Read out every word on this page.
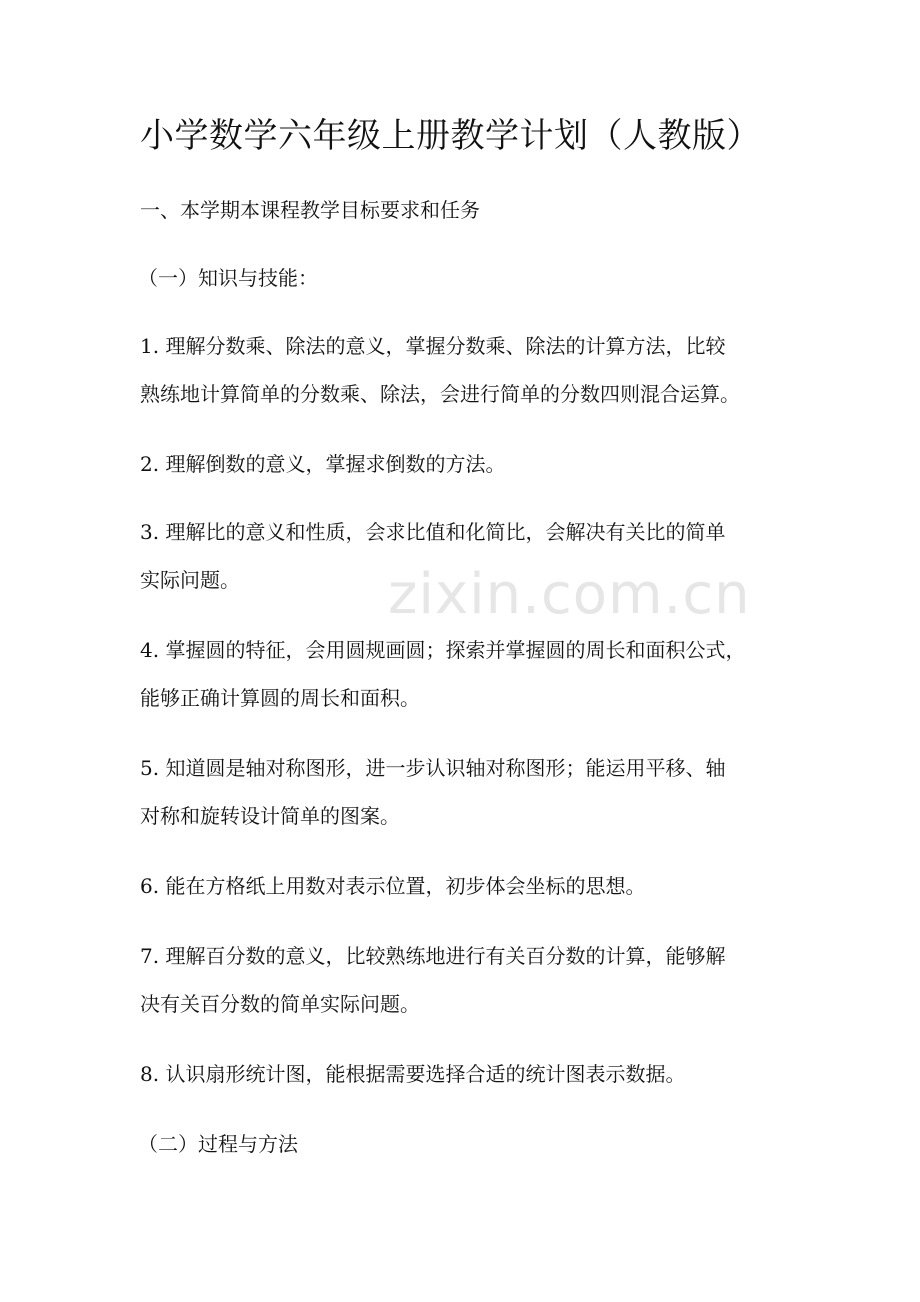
zixin.com.cn
小学数学六年级上册教学计划（人教版）

一、本学期本课程教学目标要求和任务

（一）知识与技能：

1. 理解分数乘、除法的意义，掌握分数乘、除法的计算方法，比较
熟练地计算简单的分数乘、除法，会进行简单的分数四则混合运算。
2. 理解倒数的意义，掌握求倒数的方法。
3. 理解比的意义和性质，会求比值和化简比，会解决有关比的简单
实际问题。
4. 掌握圆的特征，会用圆规画圆；探索并掌握圆的周长和面积公式，
能够正确计算圆的周长和面积。
5. 知道圆是轴对称图形，进一步认识轴对称图形；能运用平移、轴
对称和旋转设计简单的图案。
6. 能在方格纸上用数对表示位置，初步体会坐标的思想。
7. 理解百分数的意义，比较熟练地进行有关百分数的计算，能够解
决有关百分数的简单实际问题。
8. 认识扇形统计图，能根据需要选择合适的统计图表示数据。

（二）过程与方法
